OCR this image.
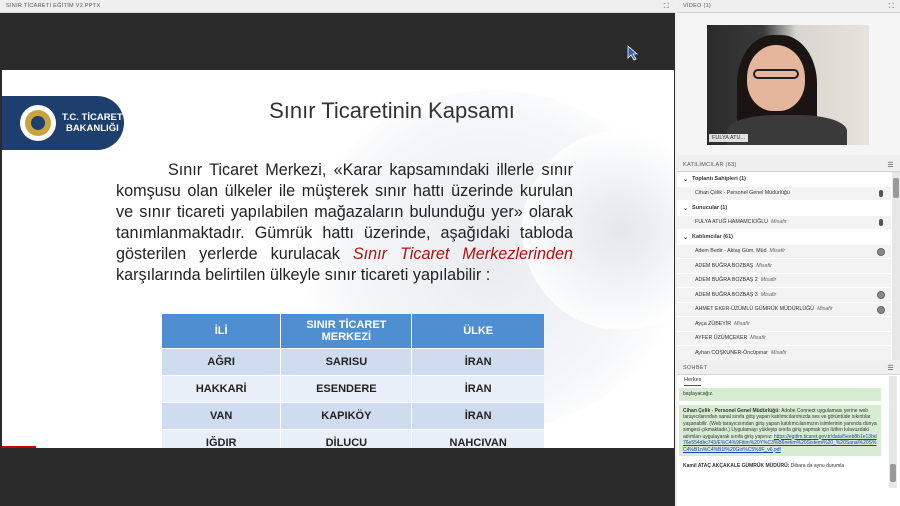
SINIR TİCARETİ EĞİTİM V2.PPTX	⛶
T.C. TİCARET
BAKANLIĞI
Sınır Ticaretinin Kapsamı
Sınır Ticaret Merkezi, «Karar kapsamındaki illerle sınır komşusu olan ülkeler ile müşterek sınır hattı üzerinde kurulan ve sınır ticareti yapılabilen mağazaların bulunduğu yer» olarak tanımlanmaktadır. Gümrük hattı üzerinde, aşağıdaki tabloda gösterilen yerlerde kurulacak Sınır Ticaret Merkezlerinden karşılarında belirtilen ülkeyle sınır ticareti yapılabilir :
İLİ	SINIR TİCARET MERKEZİ	ÜLKE
AĞRI	SARISU	İRAN
HAKKARİ	ESENDERE	İRAN
VAN	KAPIKÖY	İRAN
IĞDIR	DİLUCU	NAHCIVAN
VİDEO (1)	⛶
FULYA ATU...
KATILIMCILAR (63)	☰
⌄ Toplantı Sahipleri (1)
Cihan Çelik - Personel Genel Müdürlüğü
⌄ Sunucular (1)
FULYA ATUĞ HAMAMCIOĞLU Misafir
⌄ Katılımcılar (61)
Adem Bedir - Aktaş Güm. Müd Misafir
ADEM BUĞRA BOZBAŞ Misafir
ADEM BUĞRA BOZBAŞ 2 Misafir
ADEM BUĞRA BOZBAŞ 3 Misafir
AHMET EKER-ÜZÜMLÜ GÜMRÜK MÜDÜRLÜĞÜ Misafir
Ayça ZÜBEYİR Misafir
AYFER ÜZÜMÇEKER Misafir
Ayhan COŞKUNER-Öncüpınar Misafir
SOHBET	☰
Herkes
başlayacağız.
Cihan Çelik - Personel Genel Müdürlüğü: Adobe Connect uygulaması yerine web tarayıcılarından sanal sınıfa giriş yapan katılımcılarımızda ses ve görüntüde sıkıntılar yaşanabilir. (Web tarayıcısından giriş yapan katılımcılarımızın isimlerinin yanında dünya simgesi çıkmaktadır.) Uygulamayı yükleyip sınıfa giriş yapmak için lütfen kılavuzdaki adımları uygulayarak sınıfa giriş yapınız: https://egitim.ticaret.gov.tr/data/5eeb8b1e13bd76e554dbc743/E%C4%9Fitim%20Y%C3%B6netim%20Sistemi%20_%20Sanal%20S%C4%B1n%C4%B1f%20Giri%C5%9F_v6.pdf
Kamil ATAÇ AKÇAKALE GÜMRÜK MÜDÜRÜ: Dibara da aynu durumla
